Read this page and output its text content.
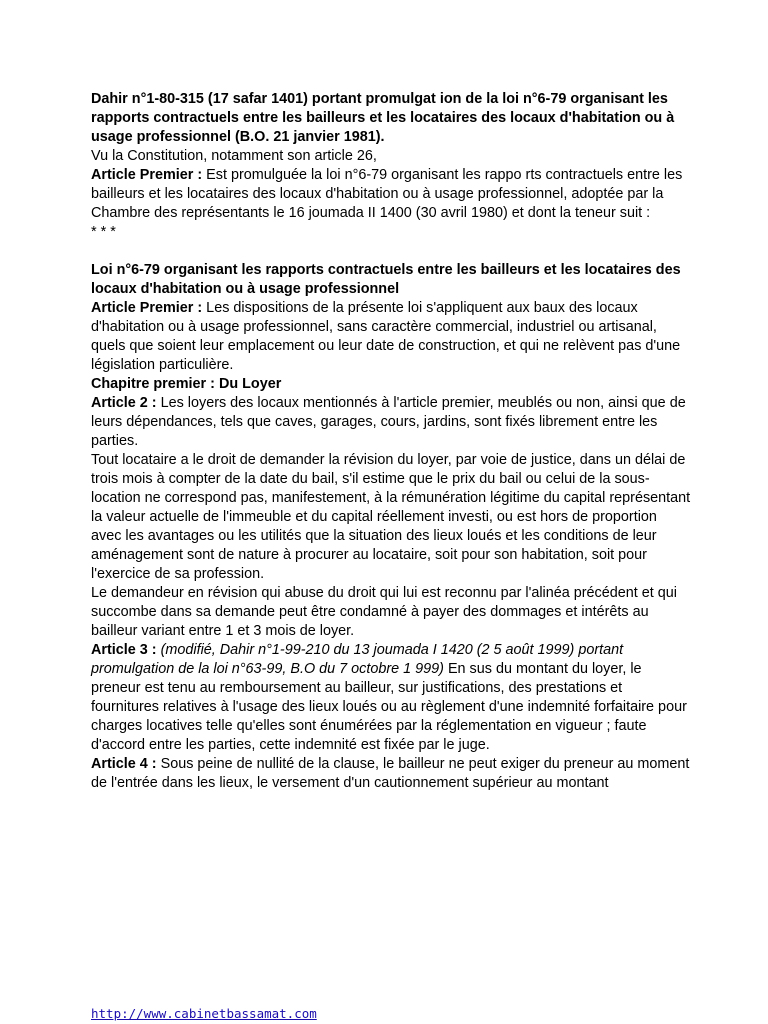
Dahir n°1-80-315 (17 safar 1401) portant promulgat ion de la loi n°6-79 organisant les rapports contractuels entre les bailleurs et les locataires des locaux d'habitation ou à usage professionnel (B.O. 21 janvier 1981).

Vu la Constitution, notamment son article 26,

Article Premier : Est promulguée la loi n°6-79 organisant les rappo rts contractuels entre les bailleurs et les locataires des locaux d'habitation ou à usage professionnel, adoptée par la Chambre des représentants le 16 joumada II 1400 (30 avril 1980) et dont la teneur suit :

* * *

Loi n°6-79 organisant les rapports contractuels entre les bailleurs et les locataires des locaux d'habitation ou à usage professionnel

Article Premier : Les dispositions de la présente loi s'appliquent aux baux des locaux d'habitation ou à usage professionnel, sans caractère commercial, industriel ou artisanal, quels que soient leur emplacement ou leur date de construction, et qui ne relèvent pas d'une législation particulière.

Chapitre premier : Du Loyer

Article 2 : Les loyers des locaux mentionnés à l'article premier, meublés ou non, ainsi que de leurs dépendances, tels que caves, garages, cours, jardins, sont fixés librement entre les parties.

Tout locataire a le droit de demander la révision du loyer, par voie de justice, dans un délai de trois mois à compter de la date du bail, s'il estime que le prix du bail ou celui de la sous-location ne correspond pas, manifestement, à la rémunération légitime du capital représentant la valeur actuelle de l'immeuble et du capital réellement investi, ou est hors de proportion avec les avantages ou les utilités que la situation des lieux loués et les conditions de leur aménagement sont de nature à procurer au locataire, soit pour son habitation, soit pour l'exercice de sa profession.

Le demandeur en révision qui abuse du droit qui lui est reconnu par l'alinéa précédent et qui succombe dans sa demande peut être condamné à payer des dommages et intérêts au bailleur variant entre 1 et 3 mois de loyer.

Article 3 : (modifié, Dahir n°1-99-210 du 13 joumada I 1420 (2 5 août 1999) portant promulgation de la loi n°63-99, B.O du 7 octobre 1 999) En sus du montant du loyer, le preneur est tenu au remboursement au bailleur, sur justifications, des prestations et fournitures relatives à l'usage des lieux loués ou au règlement d'une indemnité forfaitaire pour charges locatives telle qu'elles sont énumérées par la réglementation en vigueur ; faute d'accord entre les parties, cette indemnité est fixée par le juge.

Article 4 : Sous peine de nullité de la clause, le bailleur ne peut exiger du preneur au moment de l'entrée dans les lieux, le versement d'un cautionnement supérieur au montant

http://www.cabinetbassamat.com
